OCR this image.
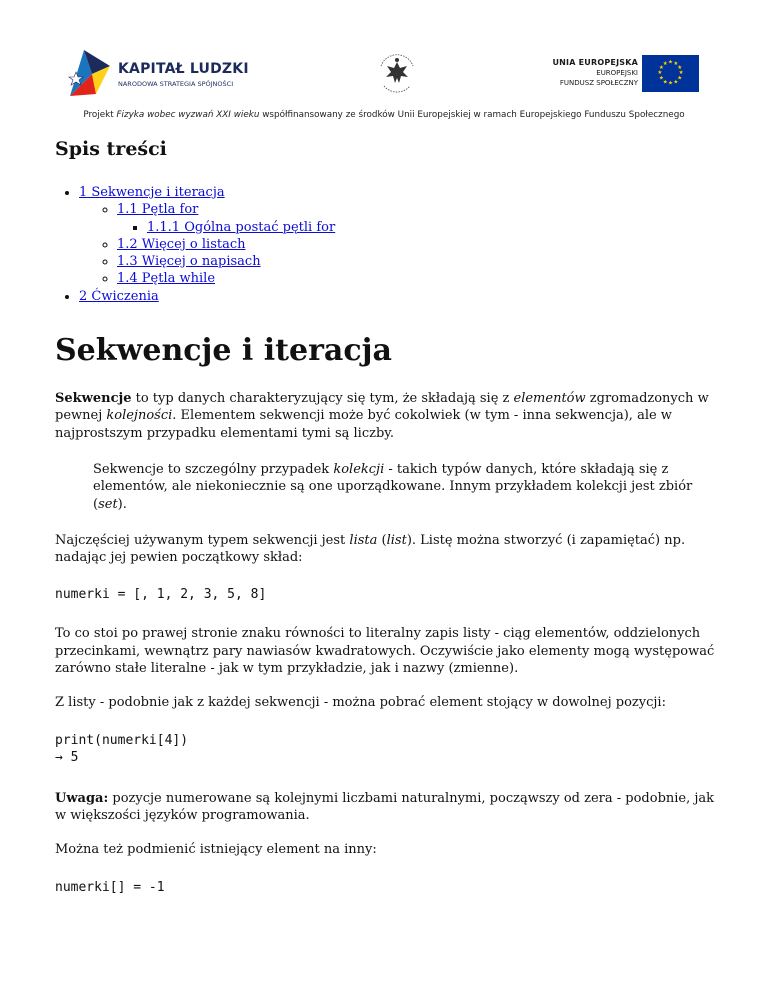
KAPITAŁ LUDZKI
NARODOWA STRATEGIA SPÓJNOŚCI
UNIA EUROPEJSKA
EUROPEJSKI
FUNDUSZ SPOŁECZNY
★ ★
★
★
★
★
★
★
★
★
★
★
Projekt Fizyka wobec wyzwań XXI wieku współfinansowany ze środków Unii Europejskiej w ramach Europejskiego Funduszu Społecznego
Spis treści
• 1 Sekwencje i iteracja
◦ 1.1 Pętla for
▪ 1.1.1 Ogólna postać pętli for
◦ 1.2 Więcej o listach
◦ 1.3 Więcej o napisach
◦ 1.4 Pętla while
• 2 Ćwiczenia
Sekwencje i iteracja

Sekwencje to typ danych charakteryzujący się tym, że składają się z elementów zgromadzonych w pewnej kolejności. Elementem sekwencji może być cokolwiek (w tym - inna sekwencja), ale w najprostszym przypadku elementami tymi są liczby.

Sekwencje to szczególny przypadek kolekcji - takich typów danych, które składają się z elementów, ale niekoniecznie są one uporządkowane. Innym przykładem kolekcji jest zbiór (set).

Najczęściej używanym typem sekwencji jest lista (list). Listę można stworzyć (i zapamiętać) np. nadając jej pewien początkowy skład:

numerki = [, 1, 2, 3, 5, 8]

To co stoi po prawej stronie znaku równości to literalny zapis listy - ciąg elementów, oddzielonych przecinkami, wewnątrz pary nawiasów kwadratowych. Oczywiście jako elementy mogą występować zarówno stałe literalne - jak w tym przykładzie, jak i nazwy (zmienne).

Z listy - podobnie jak z każdej sekwencji - można pobrać element stojący w dowolnej pozycji:

print(numerki[4])
→ 5

Uwaga: pozycje numerowane są kolejnymi liczbami naturalnymi, począwszy od zera - podobnie, jak w większości języków programowania.

Można też podmienić istniejący element na inny:

numerki[] = -1
